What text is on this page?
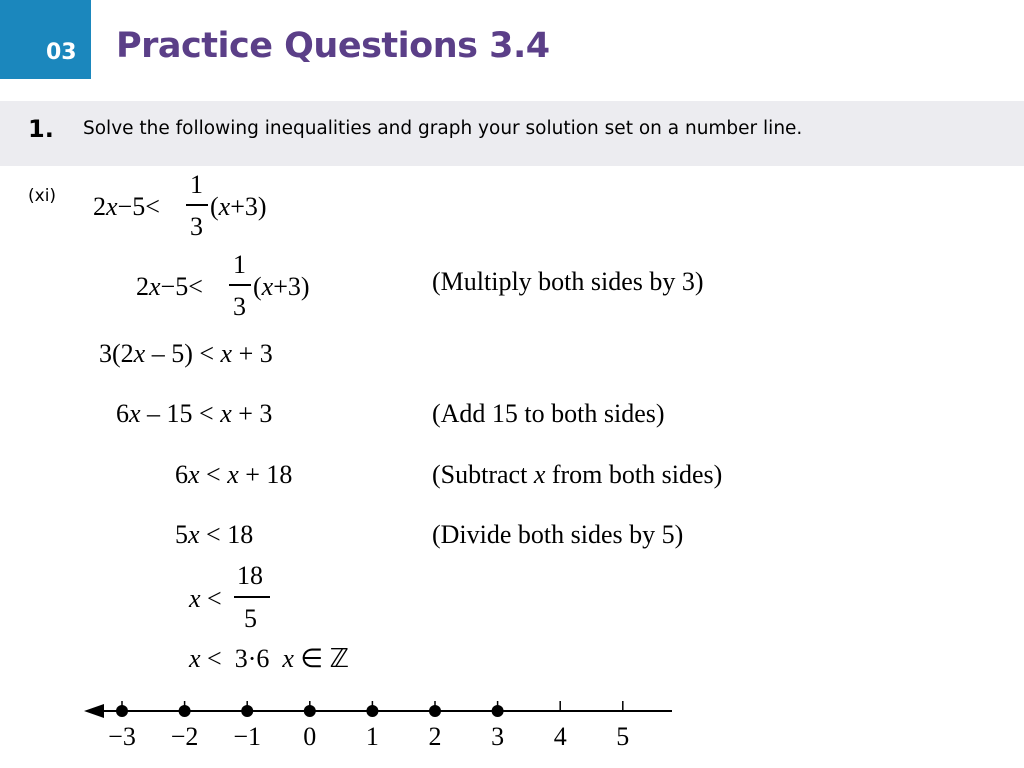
03 Practice Questions 3.4
1. Solve the following inequalities and graph your solution set on a number line.
(xi) 2x−5<
1
3
(x+3)
2x−5<
1
3
(x+3)	(Multiply both sides by 3)
3(2x – 5) < x + 3
6x – 15 < x + 3	(Add 15 to both sides)
6x < x + 18	(Subtract x from both sides)
5x < 18	(Divide both sides by 5)
x <
18
5
x <  3·6  x ∈ ℤ
−3 −2 −1 0 1 2 3 4 5
